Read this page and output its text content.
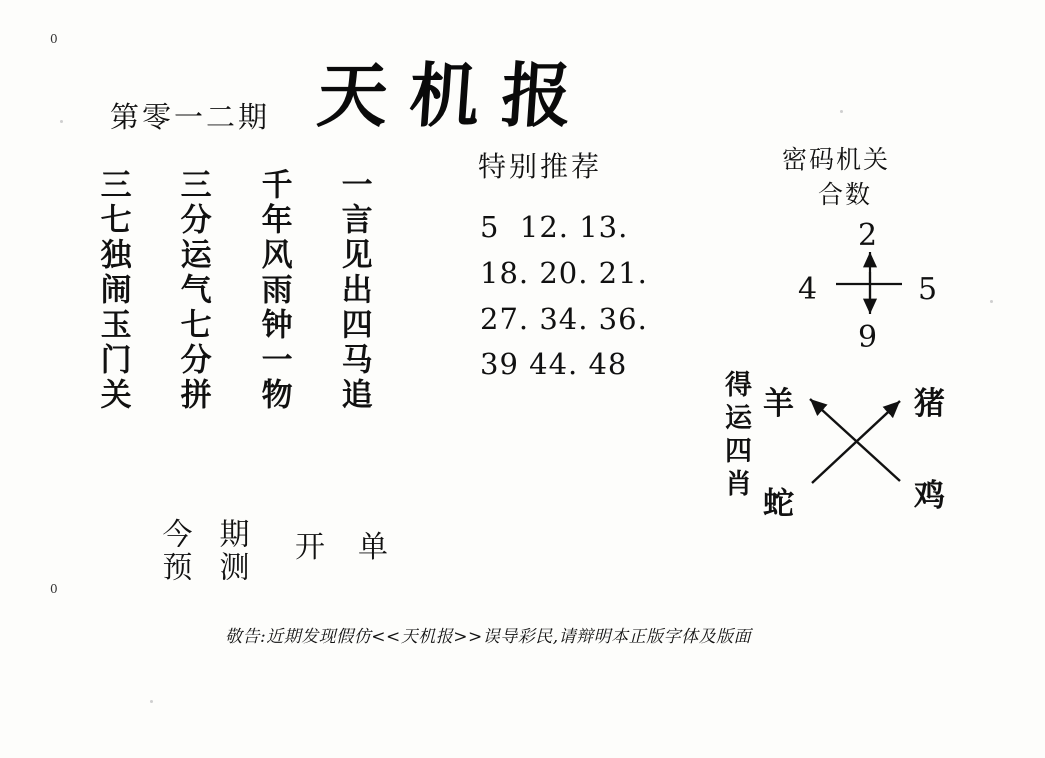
0
0
天机报
第零一二期
一言见出四马追
千年风雨钟一物
三分运气七分拼
三七独闹玉门关
特别推荐
5  12. 13.
18. 20. 21.
27. 34. 36.
39 44. 48
密码机关
合数
2
4	5
9
得运四肖 羊
蛇
猪
鸡
今预 期测 开 单
敬告:近期发现假仿<<天机报>>误导彩民,请辩明本正版字体及版面
